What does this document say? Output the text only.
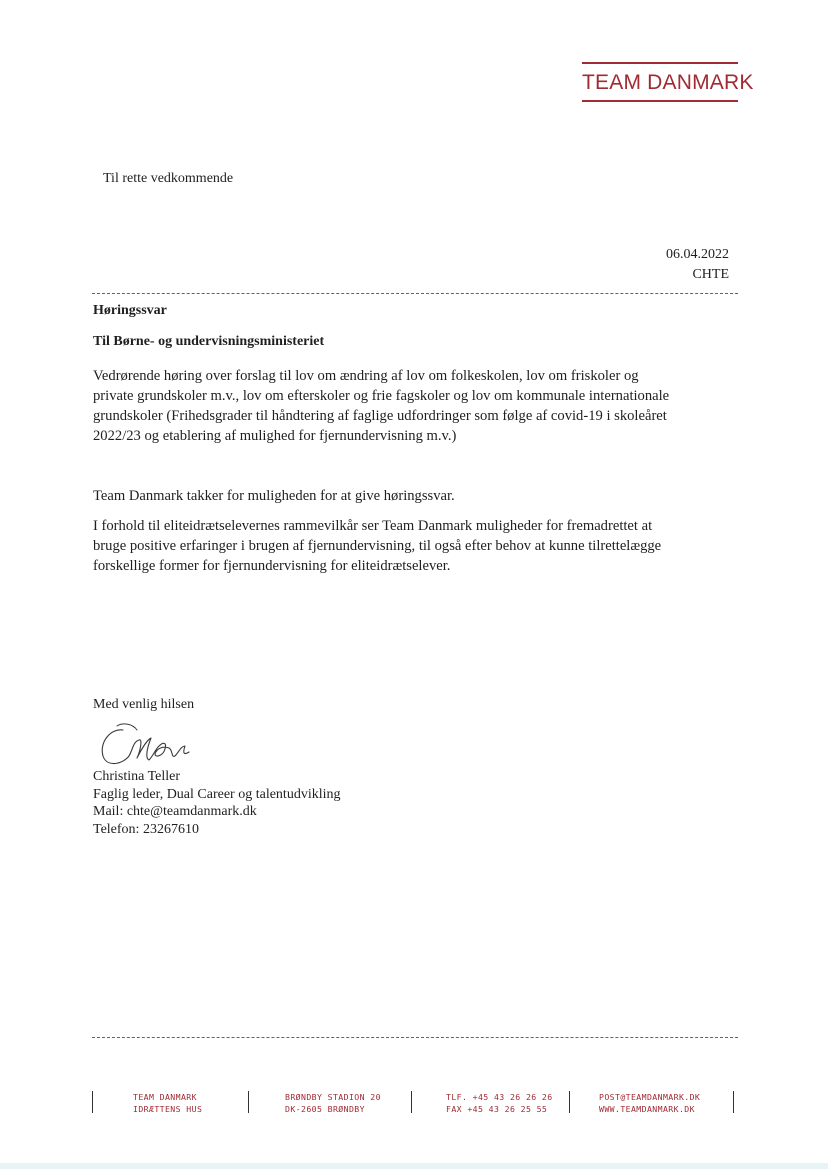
TEAM DANMARK
Til rette vedkommende
06.04.2022
CHTE
Høringssvar
Til Børne- og undervisningsministeriet
Vedrørende høring over forslag til lov om ændring af lov om folkeskolen, lov om friskoler og
private grundskoler m.v., lov om efterskoler og frie fagskoler og lov om kommunale internationale
grundskoler (Frihedsgrader til håndtering af faglige udfordringer som følge af covid-19 i skoleåret
2022/23 og etablering af mulighed for fjernundervisning m.v.)
Team Danmark takker for muligheden for at give høringssvar.
I forhold til eliteidrætselevernes rammevilkår ser Team Danmark muligheder for fremadrettet at
bruge positive erfaringer i brugen af fjernundervisning, til også efter behov at kunne tilrettelægge
forskellige former for fjernundervisning for eliteidrætselever.
Med venlig hilsen
Christina Teller
Faglig leder, Dual Career og talentudvikling
Mail: chte@teamdanmark.dk
Telefon: 23267610
TEAM DANMARK
IDRÆTTENS HUS
BRØNDBY STADION 20
DK-2605 BRØNDBY
TLF. +45 43 26 26 26
FAX +45 43 26 25 55
POST@TEAMDANMARK.DK
WWW.TEAMDANMARK.DK
